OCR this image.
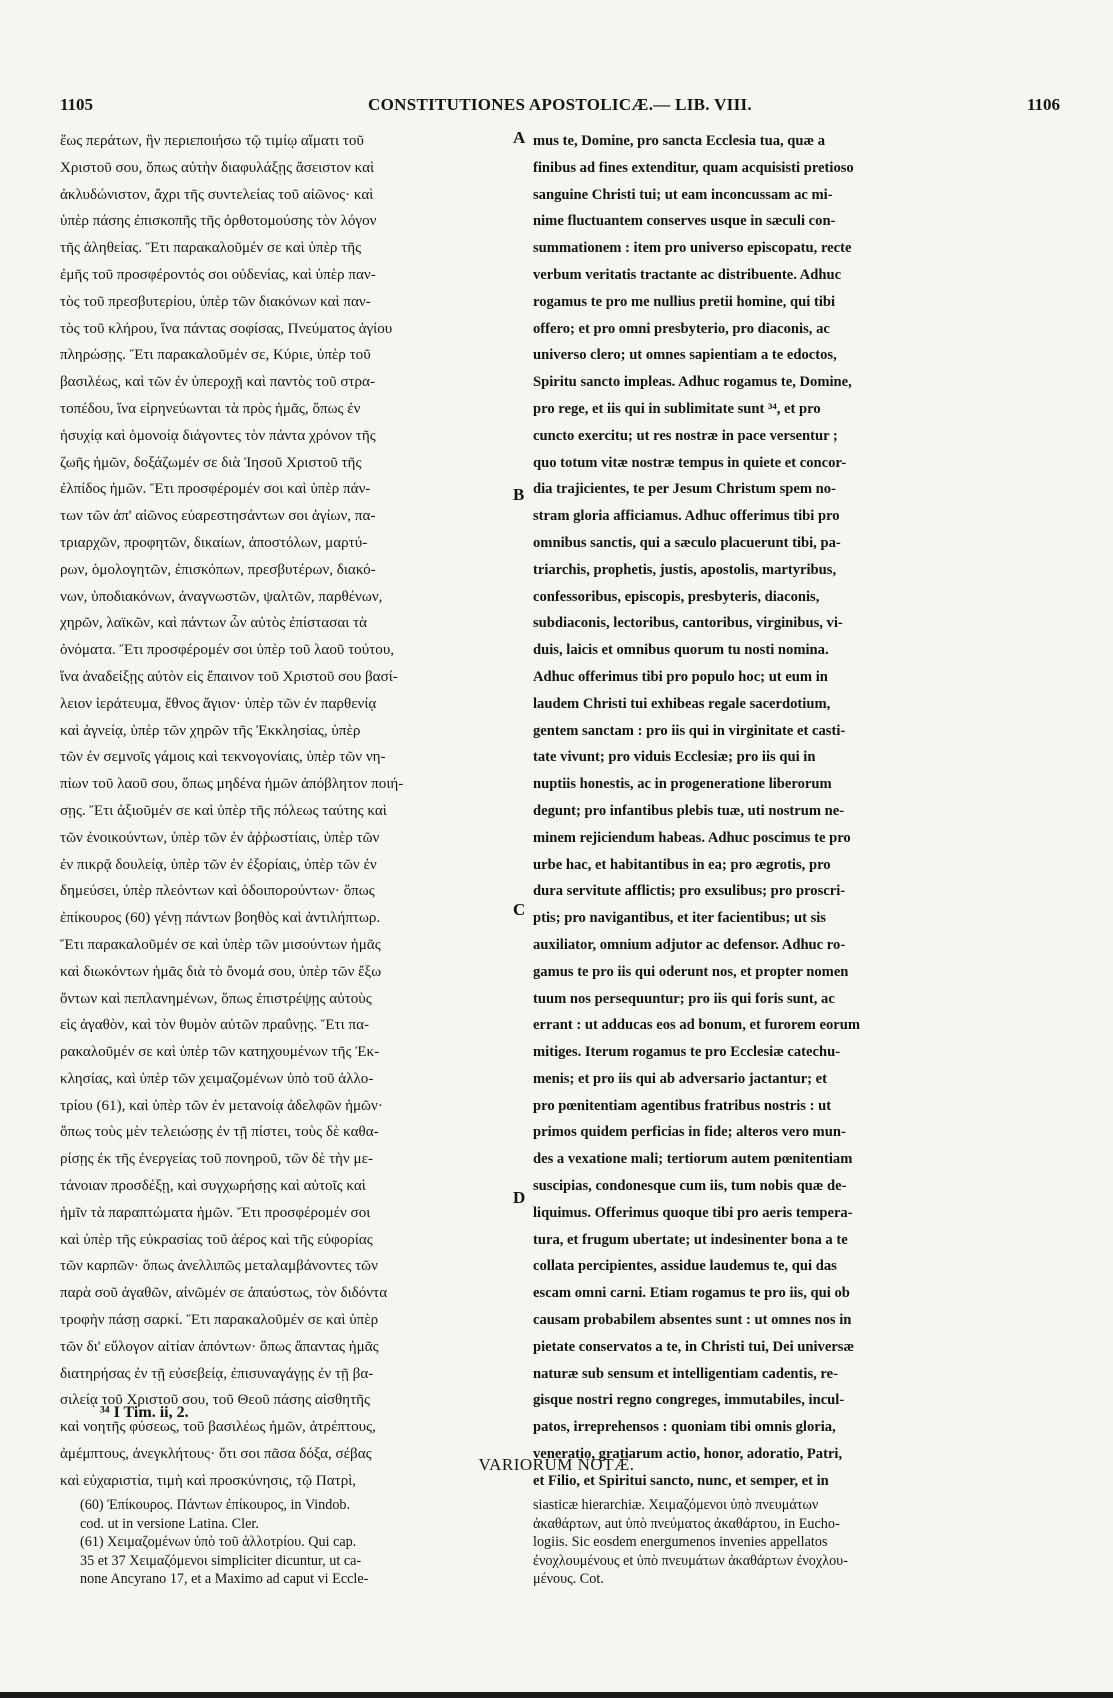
1105	CONSTITUTIONES APOSTOLICÆ.— LIB. VIII.	1106
ἕως περάτων, ἣν περιεποιήσω τῷ τιμίῳ αἵματι τοῦ
Χριστοῦ σου, ὅπως αὐτὴν διαφυλάξῃς ἄσειστον καὶ
ἀκλυδώνιστον, ἄχρι τῆς συντελείας τοῦ αἰῶνος· καὶ
ὑπὲρ πάσης ἐπισκοπῆς τῆς ὀρθοτομούσης τὸν λόγον
τῆς ἀληθείας. Ἔτι παρακαλοῦμέν σε καὶ ὑπὲρ τῆς
ἐμῆς τοῦ προσφέροντός σοι οὐδενίας, καὶ ὑπὲρ παν-
τὸς τοῦ πρεσβυτερίου, ὑπὲρ τῶν διακόνων καὶ παν-
τὸς τοῦ κλήρου, ἵνα πάντας σοφίσας, Πνεύματος ἁγίου
πληρώσῃς. Ἔτι παρακαλοῦμέν σε, Κύριε, ὑπὲρ τοῦ
βασιλέως, καὶ τῶν ἐν ὑπεροχῇ καὶ παντὸς τοῦ στρα-
τοπέδου, ἵνα εἰρηνεύωνται τὰ πρὸς ἡμᾶς, ὅπως ἐν
ἡσυχίᾳ καὶ ὁμονοίᾳ διάγοντες τὸν πάντα χρόνον τῆς
ζωῆς ἡμῶν, δοξάζωμέν σε διὰ Ἰησοῦ Χριστοῦ τῆς
ἐλπίδος ἡμῶν. Ἔτι προσφέρομέν σοι καὶ ὑπὲρ πάν-
των τῶν ἀπ' αἰῶνος εὐαρεστησάντων σοι ἁγίων, πα-
τριαρχῶν, προφητῶν, δικαίων, ἀποστόλων, μαρτύ-
ρων, ὁμολογητῶν, ἐπισκόπων, πρεσβυτέρων, διακό-
νων, ὑποδιακόνων, ἀναγνωστῶν, ψαλτῶν, παρθένων,
χηρῶν, λαϊκῶν, καὶ πάντων ὧν αὐτὸς ἐπίστασαι τὰ
ὀνόματα. Ἔτι προσφέρομέν σοι ὑπὲρ τοῦ λαοῦ τούτου,
ἵνα ἀναδείξῃς αὐτὸν εἰς ἔπαινον τοῦ Χριστοῦ σου βασί-
λειον ἱεράτευμα, ἔθνος ἅγιον· ὑπὲρ τῶν ἐν παρθενίᾳ
καὶ ἁγνείᾳ, ὑπὲρ τῶν χηρῶν τῆς Ἐκκλησίας, ὑπὲρ
τῶν ἐν σεμνοῖς γάμοις καὶ τεκνογονίαις, ὑπὲρ τῶν νη-
πίων τοῦ λαοῦ σου, ὅπως μηδένα ἡμῶν ἀπόβλητον ποιή-
σῃς. Ἔτι ἀξιοῦμέν σε καὶ ὑπὲρ τῆς πόλεως ταύτης καὶ
τῶν ἐνοικούντων, ὑπὲρ τῶν ἐν ἀῤῥωστίαις, ὑπὲρ τῶν
ἐν πικρᾷ δουλείᾳ, ὑπὲρ τῶν ἐν ἐξορίαις, ὑπὲρ τῶν ἐν
δημεύσει, ὑπὲρ πλεόντων καὶ ὁδοιπορούντων· ὅπως
ἐπίκουρος (60) γένῃ πάντων βοηθὸς καὶ ἀντιλήπτωρ.
Ἔτι παρακαλοῦμέν σε καὶ ὑπὲρ τῶν μισούντων ἡμᾶς
καὶ διωκόντων ἡμᾶς διὰ τὸ ὄνομά σου, ὑπὲρ τῶν ἔξω
ὄντων καὶ πεπλανημένων, ὅπως ἐπιστρέψῃς αὐτοὺς
εἰς ἀγαθὸν, καὶ τὸν θυμὸν αὐτῶν πραΰνῃς. Ἔτι πα-
ρακαλοῦμέν σε καὶ ὑπὲρ τῶν κατηχουμένων τῆς Ἐκ-
κλησίας, καὶ ὑπὲρ τῶν χειμαζομένων ὑπὸ τοῦ ἀλλο-
τρίου (61), καὶ ὑπὲρ τῶν ἐν μετανοίᾳ ἀδελφῶν ἡμῶν·
ὅπως τοὺς μὲν τελειώσῃς ἐν τῇ πίστει, τοὺς δὲ καθα-
ρίσῃς ἐκ τῆς ἐνεργείας τοῦ πονηροῦ, τῶν δὲ τὴν με-
τάνοιαν προσδέξῃ, καὶ συγχωρήσῃς καὶ αὐτοῖς καὶ
ἡμῖν τὰ παραπτώματα ἡμῶν. Ἔτι προσφέρομέν σοι
καὶ ὑπὲρ τῆς εὐκρασίας τοῦ ἀέρος καὶ τῆς εὐφορίας
τῶν καρπῶν· ὅπως ἀνελλιπῶς μεταλαμβάνοντες τῶν
παρὰ σοῦ ἀγαθῶν, αἰνῶμέν σε ἀπαύστως, τὸν διδόντα
τροφὴν πάσῃ σαρκί. Ἔτι παρακαλοῦμέν σε καὶ ὑπὲρ
τῶν δι' εὔλογον αἰτίαν ἀπόντων· ὅπως ἅπαντας ἡμᾶς
διατηρήσας ἐν τῇ εὐσεβείᾳ, ἐπισυναγάγῃς ἐν τῇ βα-
σιλείᾳ τοῦ Χριστοῦ σου, τοῦ Θεοῦ πάσης αἰσθητῆς
καὶ νοητῆς φύσεως, τοῦ βασιλέως ἡμῶν, ἀτρέπτους,
ἀμέμπτους, ἀνεγκλήτους· ὅτι σοι πᾶσα δόξα, σέβας
καὶ εὐχαριστία, τιμὴ καὶ προσκύνησις, τῷ Πατρὶ,
A
B
C
D
mus te, Domine, pro sancta Ecclesia tua, quæ a
finibus ad fines extenditur, quam acquisisti pretioso
sanguine Christi tui; ut eam inconcussam ac mi-
nime fluctuantem conserves usque in sæculi con-
summationem : item pro universo episcopatu, recte
verbum veritatis tractante ac distribuente. Adhuc
rogamus te pro me nullius pretii homine, qui tibi
offero; et pro omni presbyterio, pro diaconis, ac
universo clero; ut omnes sapientiam a te edoctos,
Spiritu sancto impleas. Adhuc rogamus te, Domine,
pro rege, et iis qui in sublimitate sunt ³⁴, et pro
cuncto exercitu; ut res nostræ in pace versentur ;
quo totum vitæ nostræ tempus in quiete et concor-
dia trajicientes, te per Jesum Christum spem no-
stram gloria afficiamus. Adhuc offerimus tibi pro
omnibus sanctis, qui a sæculo placuerunt tibi, pa-
triarchis, prophetis, justis, apostolis, martyribus,
confessoribus, episcopis, presbyteris, diaconis,
subdiaconis, lectoribus, cantoribus, virginibus, vi-
duis, laicis et omnibus quorum tu nosti nomina.
Adhuc offerimus tibi pro populo hoc; ut eum in
laudem Christi tui exhibeas regale sacerdotium,
gentem sanctam : pro iis qui in virginitate et casti-
tate vivunt; pro viduis Ecclesiæ; pro iis qui in
nuptiis honestis, ac in progeneratione liberorum
degunt; pro infantibus plebis tuæ, uti nostrum ne-
minem rejiciendum habeas. Adhuc poscimus te pro
urbe hac, et habitantibus in ea; pro ægrotis, pro
dura servitute afflictis; pro exsulibus; pro proscri-
ptis; pro navigantibus, et iter facientibus; ut sis
auxiliator, omnium adjutor ac defensor. Adhuc ro-
gamus te pro iis qui oderunt nos, et propter nomen
tuum nos persequuntur; pro iis qui foris sunt, ac
errant : ut adducas eos ad bonum, et furorem eorum
mitiges. Iterum rogamus te pro Ecclesiæ catechu-
menis; et pro iis qui ab adversario jactantur; et
pro pœnitentiam agentibus fratribus nostris : ut
primos quidem perficias in fide; alteros vero mun-
des a vexatione mali; tertiorum autem pœnitentiam
suscipias, condonesque cum iis, tum nobis quæ de-
liquimus. Offerimus quoque tibi pro aeris tempera-
tura, et frugum ubertate; ut indesinenter bona a te
collata percipientes, assidue laudemus te, qui das
escam omni carni. Etiam rogamus te pro iis, qui ob
causam probabilem absentes sunt : ut omnes nos in
pietate conservatos a te, in Christi tui, Dei universæ
naturæ sub sensum et intelligentiam cadentis, re-
gisque nostri regno congreges, immutabiles, incul-
patos, irreprehensos : quoniam tibi omnis gloria,
veneratio, gratiarum actio, honor, adoratio, Patri,
et Filio, et Spiritui sancto, nunc, et semper, et in
³⁴ I Tim. ii, 2.
VARIORUM NOTÆ.
(60) Ἐπίκουρος. Πάντων ἐπίκουρος, in Vindob.
cod. ut in versione Latina. Cler.
(61) Χειμαζομένων ὑπὸ τοῦ ἀλλοτρίου. Qui cap.
35 et 37 Χειμαζόμενοι simpliciter dicuntur, ut ca-
none Ancyrano 17, et a Maximo ad caput vi Eccle-
siasticæ hierarchiæ. Χειμαζόμενοι ὑπὸ πνευμάτων
ἀκαθάρτων, aut ὑπὸ πνεύματος ἀκαθάρτου, in Eucho-
logiis. Sic eosdem energumenos invenies appellatos
ἐνοχλουμένους et ὑπὸ πνευμάτων ἀκαθάρτων ἐνοχλου-
μένους. Cot.
